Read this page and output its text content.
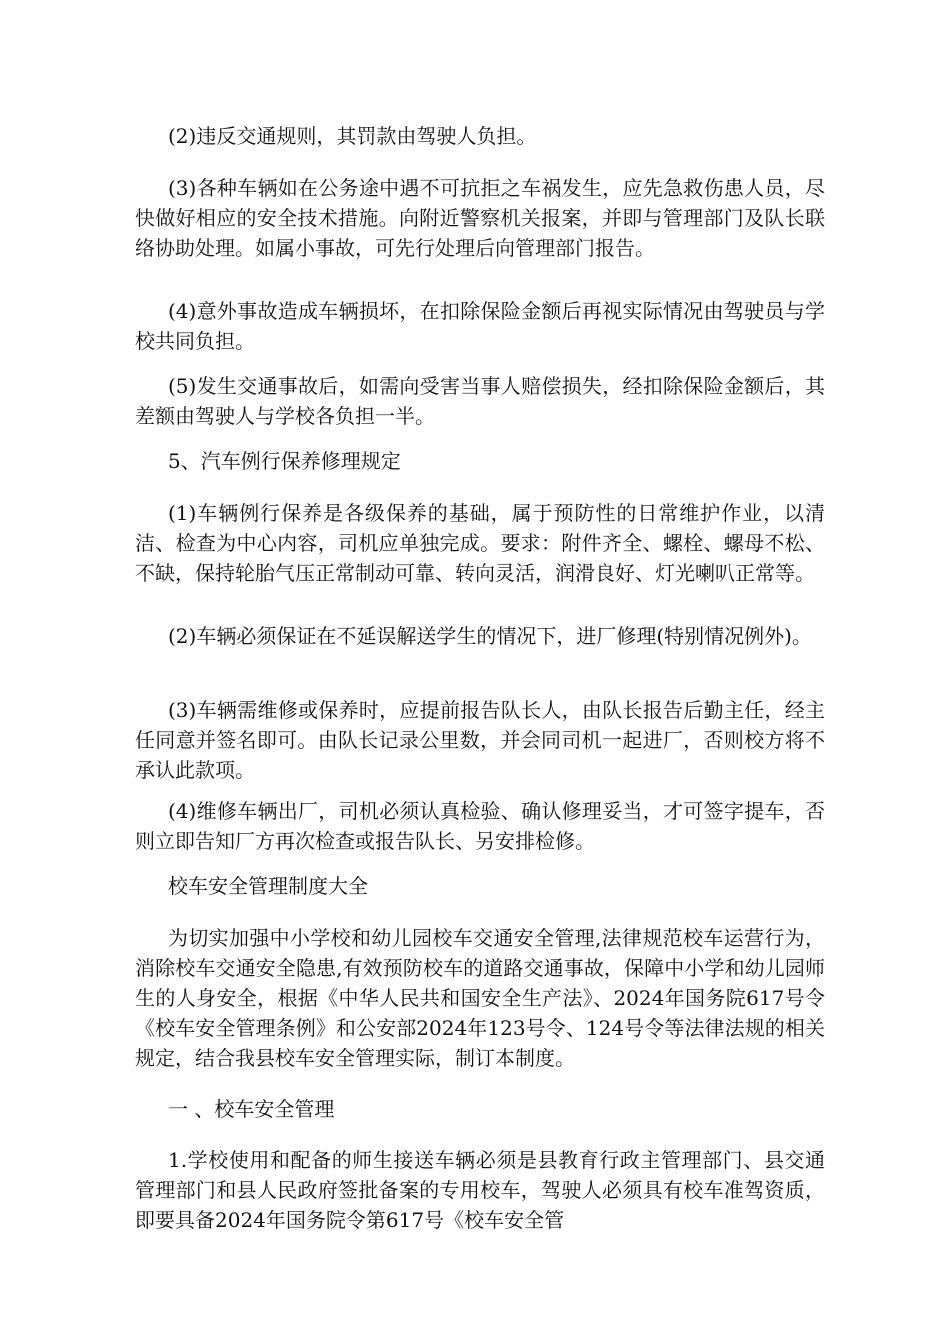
(2)违反交通规则，其罚款由驾驶人负担。

(3)各种车辆如在公务途中遇不可抗拒之车祸发生，应先急救伤患人员，尽快做好相应的安全技术措施。向附近警察机关报案，并即与管理部门及队长联络协助处理。如属小事故，可先行处理后向管理部门报告。

(4)意外事故造成车辆损坏，在扣除保险金额后再视实际情况由驾驶员与学校共同负担。

(5)发生交通事故后，如需向受害当事人赔偿损失，经扣除保险金额后，其差额由驾驶人与学校各负担一半。

5、汽车例行保养修理规定

(1)车辆例行保养是各级保养的基础，属于预防性的日常维护作业，以清洁、检查为中心内容，司机应单独完成。要求：附件齐全、螺栓、螺母不松、不缺，保持轮胎气压正常制动可靠、转向灵活，润滑良好、灯光喇叭正常等。

(2)车辆必须保证在不延误解送学生的情况下，进厂修理(特别情况例外)。

(3)车辆需维修或保养时，应提前报告队长人，由队长报告后勤主任，经主任同意并签名即可。由队长记录公里数，并会同司机一起进厂，否则校方将不承认此款项。

(4)维修车辆出厂，司机必须认真检验、确认修理妥当，才可签字提车，否则立即告知厂方再次检查或报告队长、另安排检修。

校车安全管理制度大全

为切实加强中小学校和幼儿园校车交通安全管理,法律规范校车运营行为，消除校车交通安全隐患,有效预防校车的道路交通事故，保障中小学和幼儿园师生的人身安全，根据《中华人民共和国安全生产法》、2024年国务院617号令《校车安全管理条例》和公安部2024年123号令、124号令等法律法规的相关规定，结合我县校车安全管理实际，制订本制度。

一 、校车安全管理

1.学校使用和配备的师生接送车辆必须是县教育行政主管理部门、县交通管理部门和县人民政府签批备案的专用校车，驾驶人必须具有校车准驾资质，即要具备2024年国务院令第617号《校车安全管
